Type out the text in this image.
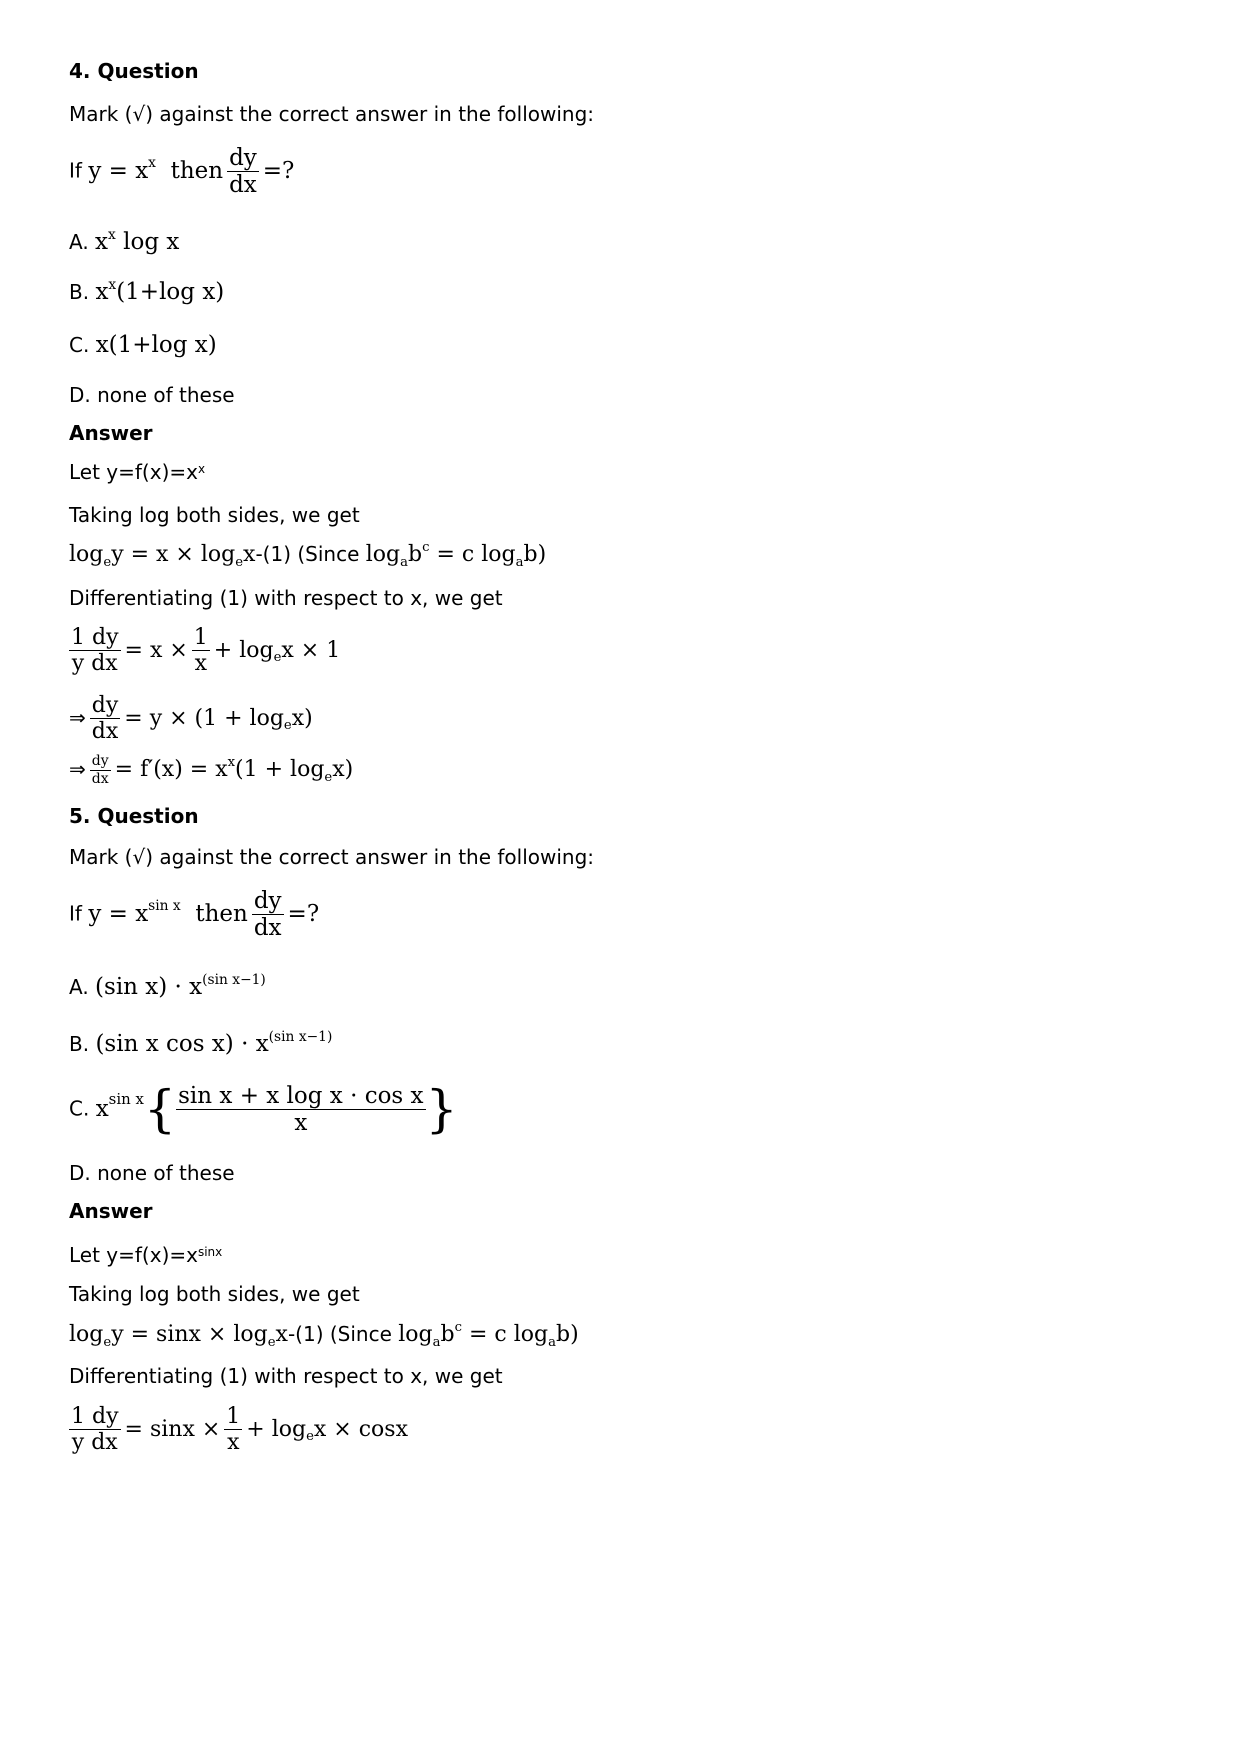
4. Question
Mark (√) against the correct answer in the following:
If $y = x^x$ then $\frac{dy}{dx}$ =?
A. $x^x$ log x
B. $x^x(1+\log$ x)
C. x(1+log x)
D. none of these
Answer
Let $y=f(x)=x^x$
Taking log both sides, we get
$\log_ey = x \times \log_ex-(1)$ (Since $\log_ab^c = c$ $\log_ab$)
Differentiating (1) with respect to x, we get
$\frac{1 dy}{\text{y dx}} = x \times \frac{1}{x} + \log_ex \times 1$
⇒ $\frac{dy}{dx} = y \times (1 + \log_ex)$
⇒ $\frac{dy}{dx} = f'(x) = x^x(1 + \log_ex)$
5. Question
Mark (√) against the correct answer in the following:
If $y = x^{sin x}$ then $\frac{dy}{dx}$ =?
A. (sin $x) \cdot x^{(sin x-1)}$
B. (sin x $\cos x) \cdot x^{(sin x-1)}$
C. $x^{sin x}\{ \frac{\text{sin x + x log x · cos x}}{x}$ }
D. none of these
Answer
Let $y=f(x)=x^{sinx}$
Taking log both sides, we get
$\log_ey = \sin x \times \log_ex-(1)$ (Since $\log_ab^c = c$ $\log_ab$)
Differentiating (1) with respect to x, we get
$\frac{1 dy}{\text{y dx}} = \sin x \times \frac{1}{x} + \log_ex \times \cos x$
